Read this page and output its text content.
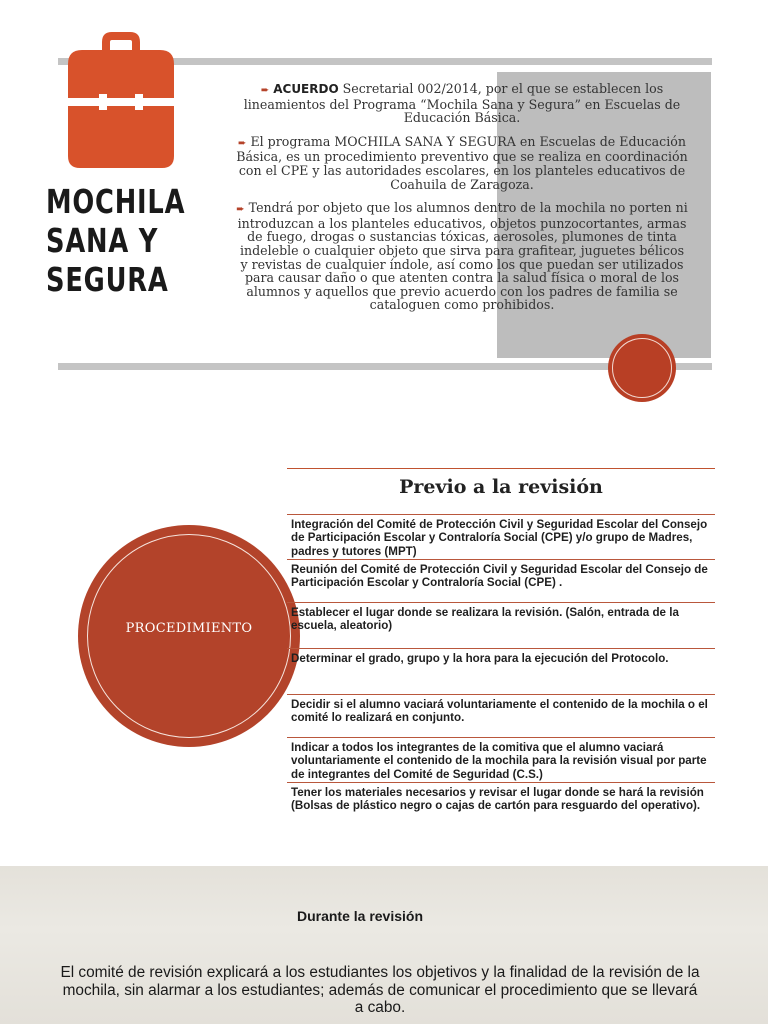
MOCHILA
SANA Y
SEGURA

➨ ACUERDO Secretarial 002/2014, por el que se establecen los lineamientos del Programa “Mochila Sana y Segura” en Escuelas de Educación Básica.

➨ El programa MOCHILA SANA Y SEGURA en Escuelas de Educación Básica, es un procedimiento preventivo que se realiza en coordinación con el CPE y las autoridades escolares, en los planteles educativos de Coahuila de Zaragoza.

➨ Tendrá por objeto que los alumnos dentro de la mochila no porten ni introduzcan a los planteles educativos, objetos punzocortantes, armas de fuego, drogas o sustancias tóxicas, aerosoles, plumones de tinta indeleble o cualquier objeto que sirva para grafitear, juguetes bélicos y revistas de cualquier índole, así como los que puedan ser utilizados para causar daño o que atenten contra la salud física o moral de los alumnos y aquellos que previo acuerdo con los padres de familia se cataloguen como prohibidos.

PROCEDIMIENTO
Previo a la revisión
Integración del Comité de Protección Civil y Seguridad Escolar del Consejo de Participación Escolar y Contraloría Social (CPE) y/o grupo de Madres, padres y tutores (MPT)
Reunión del Comité de Protección Civil y Seguridad Escolar del Consejo de Participación Escolar y Contraloría Social (CPE) .
Establecer el lugar donde se realizara la revisión. (Salón, entrada de la escuela, aleatorio)
Determinar el grado, grupo y la hora para la ejecución del Protocolo.
Decidir si el alumno vaciará voluntariamente el contenido de la mochila o el comité lo realizará en conjunto.
Indicar a todos los integrantes de la comitiva que el alumno vaciará voluntariamente el contenido de la mochila para la revisión visual por parte de integrantes del Comité de Seguridad (C.S.)
Tener los materiales necesarios y revisar el lugar donde se hará la revisión (Bolsas de plástico negro o cajas de cartón para resguardo del operativo).
Durante la revisión

El comité de revisión explicará a los estudiantes los objetivos y la finalidad de la revisión de la mochila, sin alarmar a los estudiantes; además de comunicar el procedimiento que se llevará a cabo.
